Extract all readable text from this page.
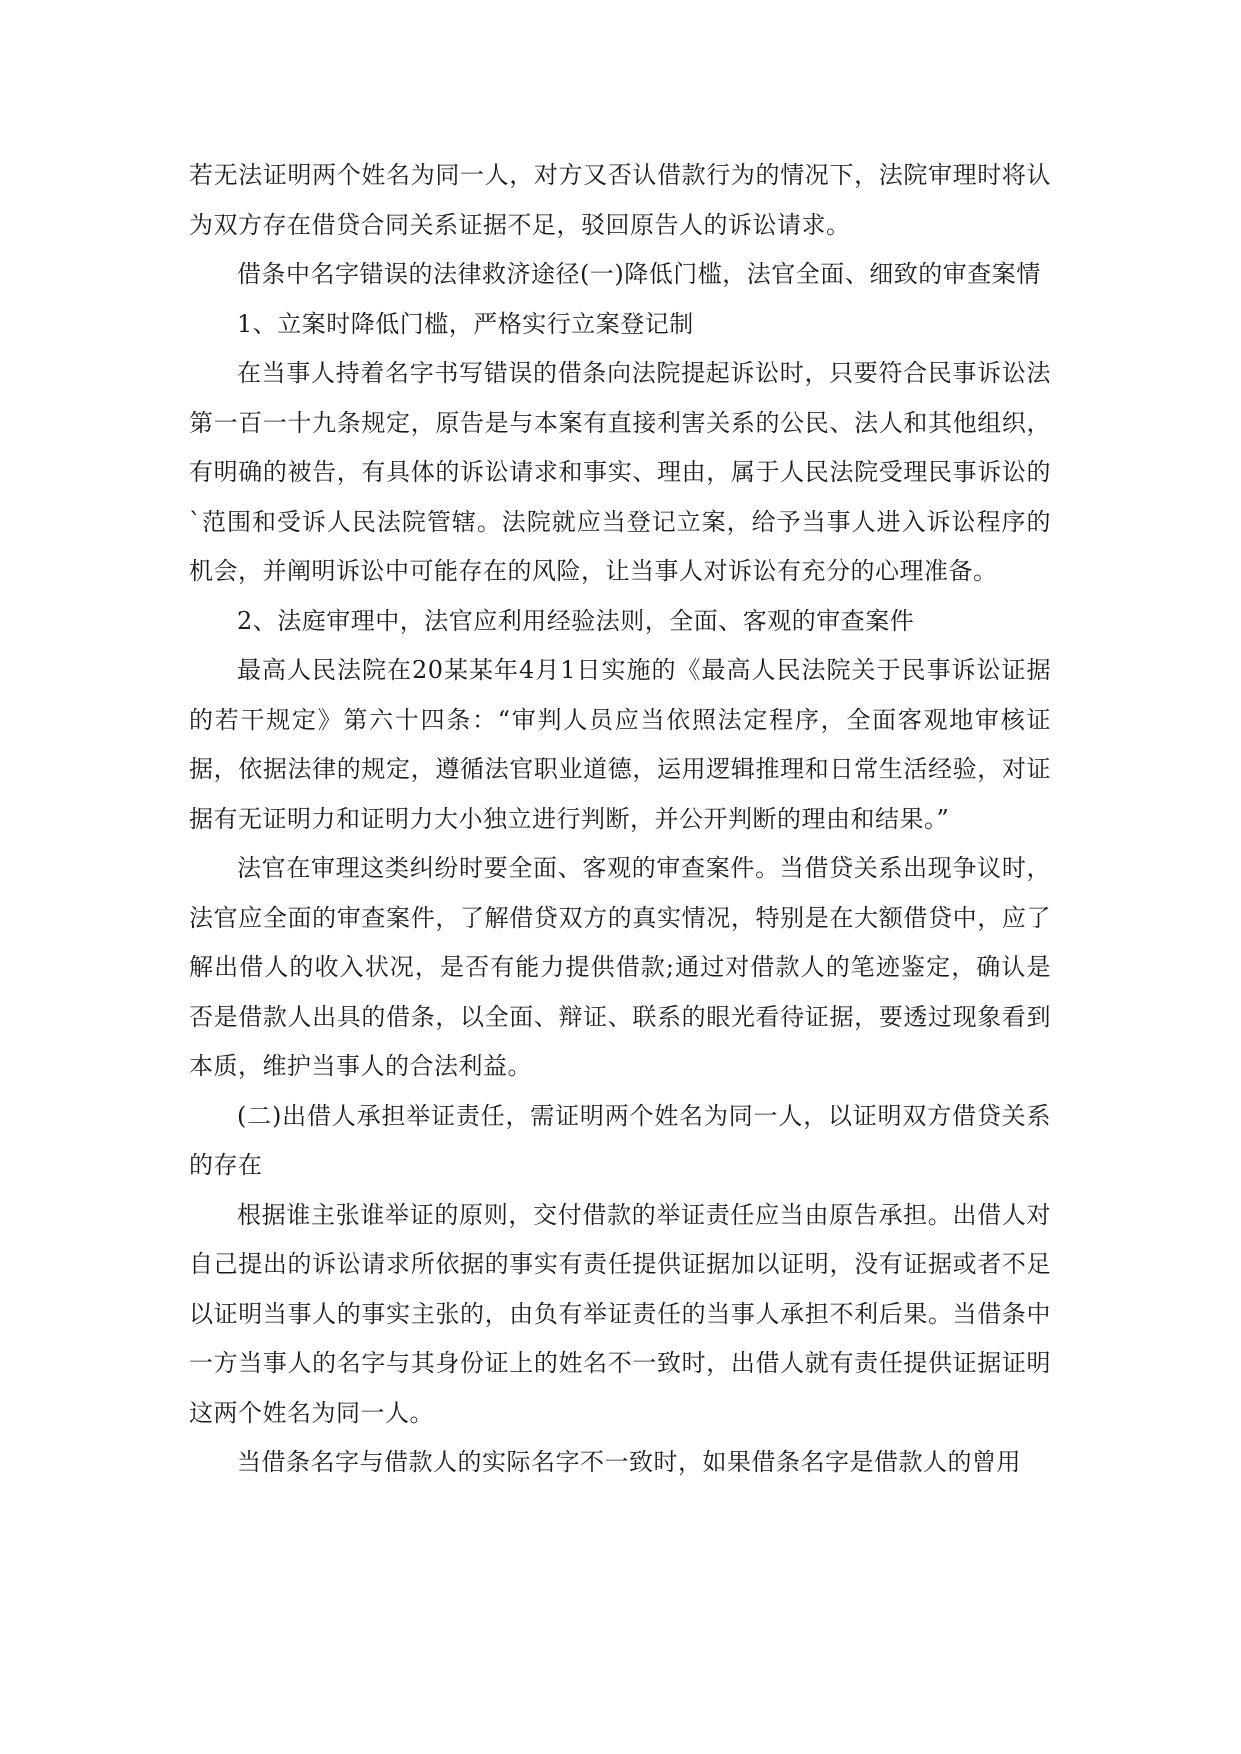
若无法证明两个姓名为同一人，对方又否认借款行为的情况下，法院审理时将认为双方存在借贷合同关系证据不足，驳回原告人的诉讼请求。

借条中名字错误的法律救济途径(一)降低门槛，法官全面、细致的审查案情

1、立案时降低门槛，严格实行立案登记制

在当事人持着名字书写错误的借条向法院提起诉讼时，只要符合民事诉讼法第一百一十九条规定，原告是与本案有直接利害关系的公民、法人和其他组织，有明确的被告，有具体的诉讼请求和事实、理由，属于人民法院受理民事诉讼的`范围和受诉人民法院管辖。法院就应当登记立案，给予当事人进入诉讼程序的机会，并阐明诉讼中可能存在的风险，让当事人对诉讼有充分的心理准备。

2、法庭审理中，法官应利用经验法则，全面、客观的审查案件

最高人民法院在20某某年4月1日实施的《最高人民法院关于民事诉讼证据的若干规定》第六十四条：“审判人员应当依照法定程序，全面客观地审核证据，依据法律的规定，遵循法官职业道德，运用逻辑推理和日常生活经验，对证据有无证明力和证明力大小独立进行判断，并公开判断的理由和结果。”

法官在审理这类纠纷时要全面、客观的审查案件。当借贷关系出现争议时，法官应全面的审查案件，了解借贷双方的真实情况，特别是在大额借贷中，应了解出借人的收入状况，是否有能力提供借款;通过对借款人的笔迹鉴定，确认是否是借款人出具的借条，以全面、辩证、联系的眼光看待证据，要透过现象看到本质，维护当事人的合法利益。

(二)出借人承担举证责任，需证明两个姓名为同一人，以证明双方借贷关系的存在

根据谁主张谁举证的原则，交付借款的举证责任应当由原告承担。出借人对自己提出的诉讼请求所依据的事实有责任提供证据加以证明，没有证据或者不足以证明当事人的事实主张的，由负有举证责任的当事人承担不利后果。当借条中一方当事人的名字与其身份证上的姓名不一致时，出借人就有责任提供证据证明这两个姓名为同一人。

当借条名字与借款人的实际名字不一致时，如果借条名字是借款人的曾用
